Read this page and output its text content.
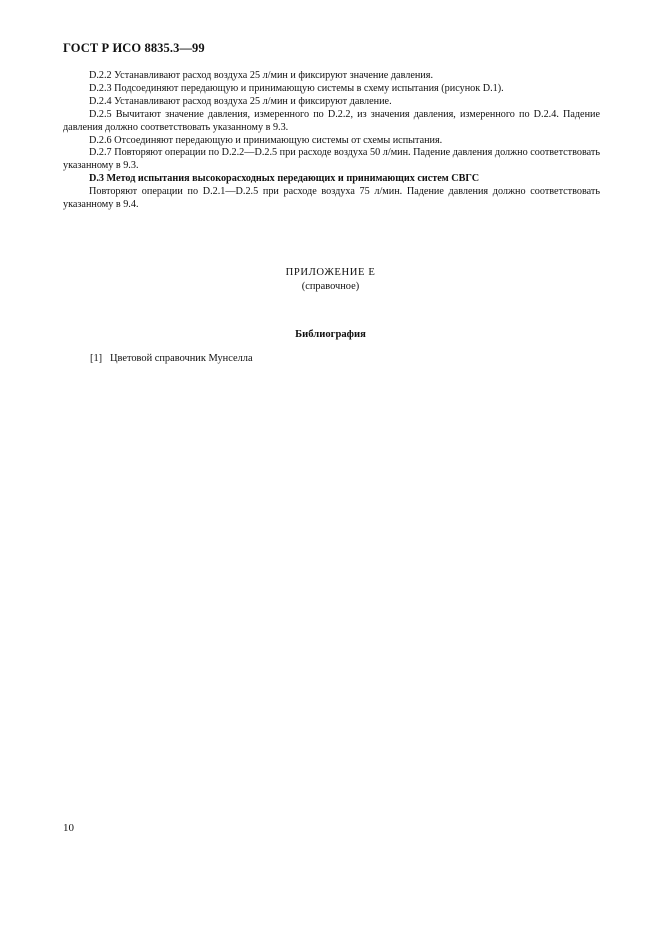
ГОСТ Р ИСО 8835.3—99

D.2.2 Устанавливают расход воздуха 25 л/мин и фиксируют значение давления.

D.2.3 Подсоединяют передающую и принимающую системы в схему испытания (рисунок D.1).

D.2.4 Устанавливают расход воздуха 25 л/мин и фиксируют давление.

D.2.5 Вычитают значение давления, измеренного по D.2.2, из значения давления, измеренного по D.2.4. Падение давления должно соответствовать указанному в 9.3.

D.2.6 Отсоединяют передающую и принимающую системы от схемы испытания.

D.2.7 Повторяют операции по D.2.2—D.2.5 при расходе воздуха 50 л/мин. Падение давления должно соответствовать указанному в 9.3.

D.3 Метод испытания высокорасходных передающих и принимающих систем СВГС

Повторяют операции по D.2.1—D.2.5 при расходе воздуха 75 л/мин. Падение давления должно соответствовать указанному в 9.4.

ПРИЛОЖЕНИЕ E
(справочное)
Библиография
[1] Цветовой справочник Мунселла
10
